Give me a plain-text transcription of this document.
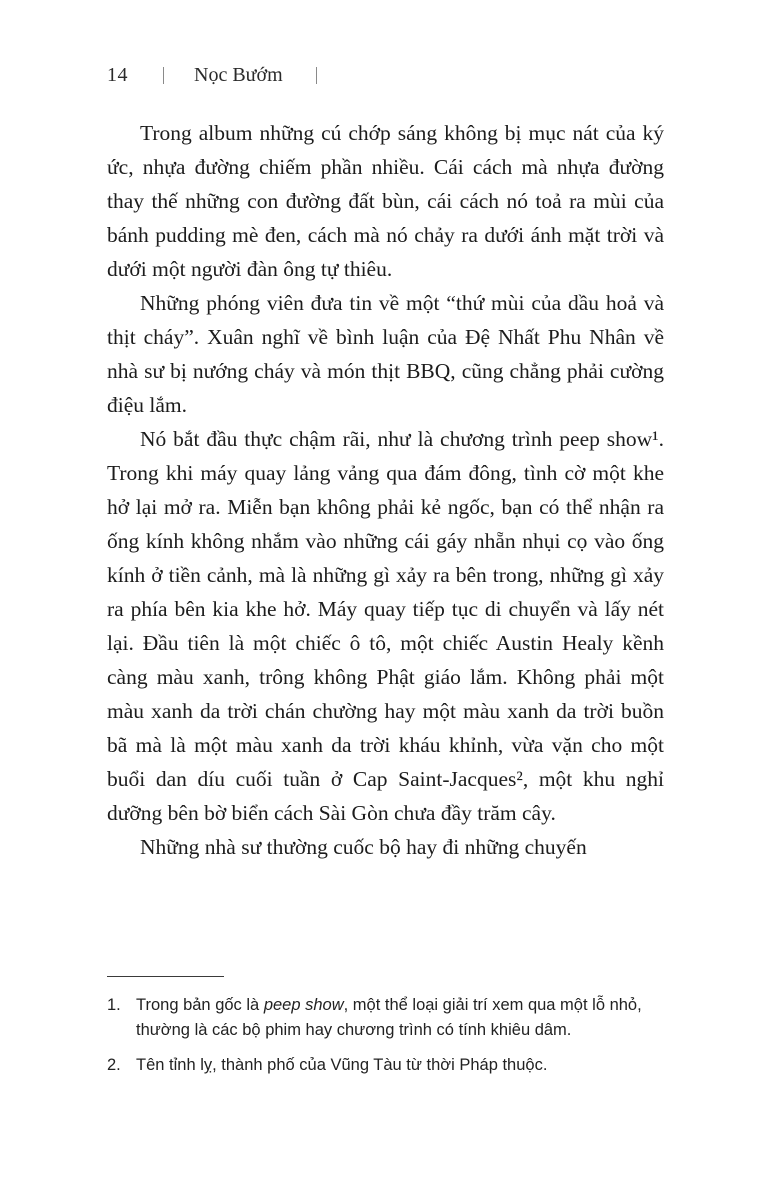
14	Nọc Bướm

Trong album những cú chớp sáng không bị mục nát của ký ức, nhựa đường chiếm phần nhiều. Cái cách mà nhựa đường thay thế những con đường đất bùn, cái cách nó toả ra mùi của bánh pudding mè đen, cách mà nó chảy ra dưới ánh mặt trời và dưới một người đàn ông tự thiêu.

Những phóng viên đưa tin về một “thứ mùi của dầu hoả và thịt cháy”. Xuân nghĩ về bình luận của Đệ Nhất Phu Nhân về nhà sư bị nướng cháy và món thịt BBQ, cũng chẳng phải cường điệu lắm.

Nó bắt đầu thực chậm rãi, như là chương trình peep show¹. Trong khi máy quay lảng vảng qua đám đông, tình cờ một khe hở lại mở ra. Miễn bạn không phải kẻ ngốc, bạn có thể nhận ra ống kính không nhắm vào những cái gáy nhẵn nhụi cọ vào ống kính ở tiền cảnh, mà là những gì xảy ra bên trong, những gì xảy ra phía bên kia khe hở. Máy quay tiếp tục di chuyển và lấy nét lại. Đầu tiên là một chiếc ô tô, một chiếc Austin Healy kềnh càng màu xanh, trông không Phật giáo lắm. Không phải một màu xanh da trời chán chường hay một màu xanh da trời buồn bã mà là một màu xanh da trời kháu khỉnh, vừa vặn cho một buổi dan díu cuối tuần ở Cap Saint-Jacques², một khu nghỉ dưỡng bên bờ biển cách Sài Gòn chưa đầy trăm cây.

Những nhà sư thường cuốc bộ hay đi những chuyến

1. Trong bản gốc là peep show, một thể loại giải trí xem qua một lỗ nhỏ, thường là các bộ phim hay chương trình có tính khiêu dâm.
2. Tên tỉnh lỵ, thành phố của Vũng Tàu từ thời Pháp thuộc.
